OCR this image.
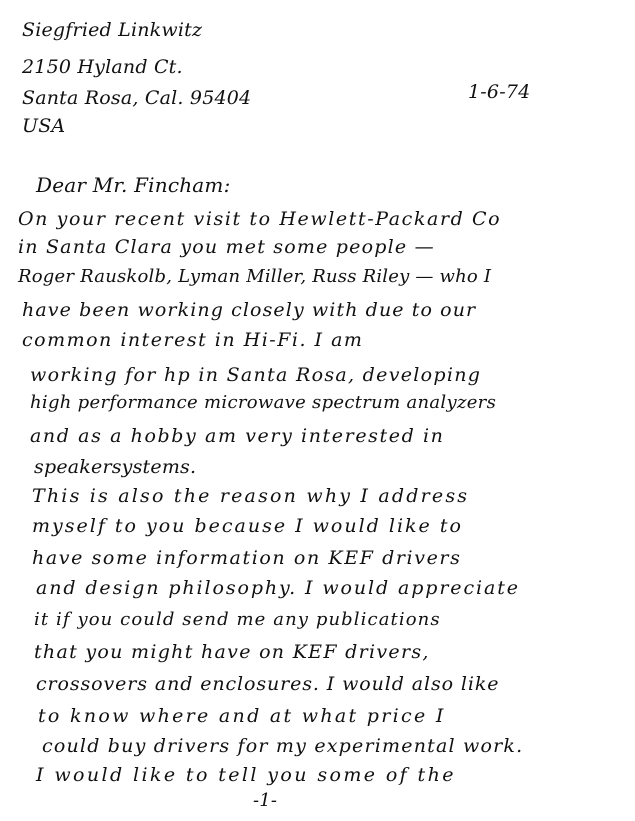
Siegfried Linkwitz

2150 Hyland Ct.

Santa Rosa, Cal. 95404

USA

1-6-74

Dear Mr. Fincham:

On your recent visit to Hewlett-Packard Co

in Santa Clara you met some people —

Roger Rauskolb, Lyman Miller, Russ Riley — who I

have been working closely with due to our

common interest in Hi-Fi. I am

working for hp in Santa Rosa, developing

high performance microwave spectrum analyzers

and as a hobby am very interested in

speakersystems.

This is also the reason why I address

myself to you because I would like to

have some information on KEF drivers

and design philosophy. I would appreciate

it if you could send me any publications

that you might have on KEF drivers,

crossovers and enclosures. I would also like

to know where and at what price I

could buy drivers for my experimental work.

I would like to tell you some of the

-1-
